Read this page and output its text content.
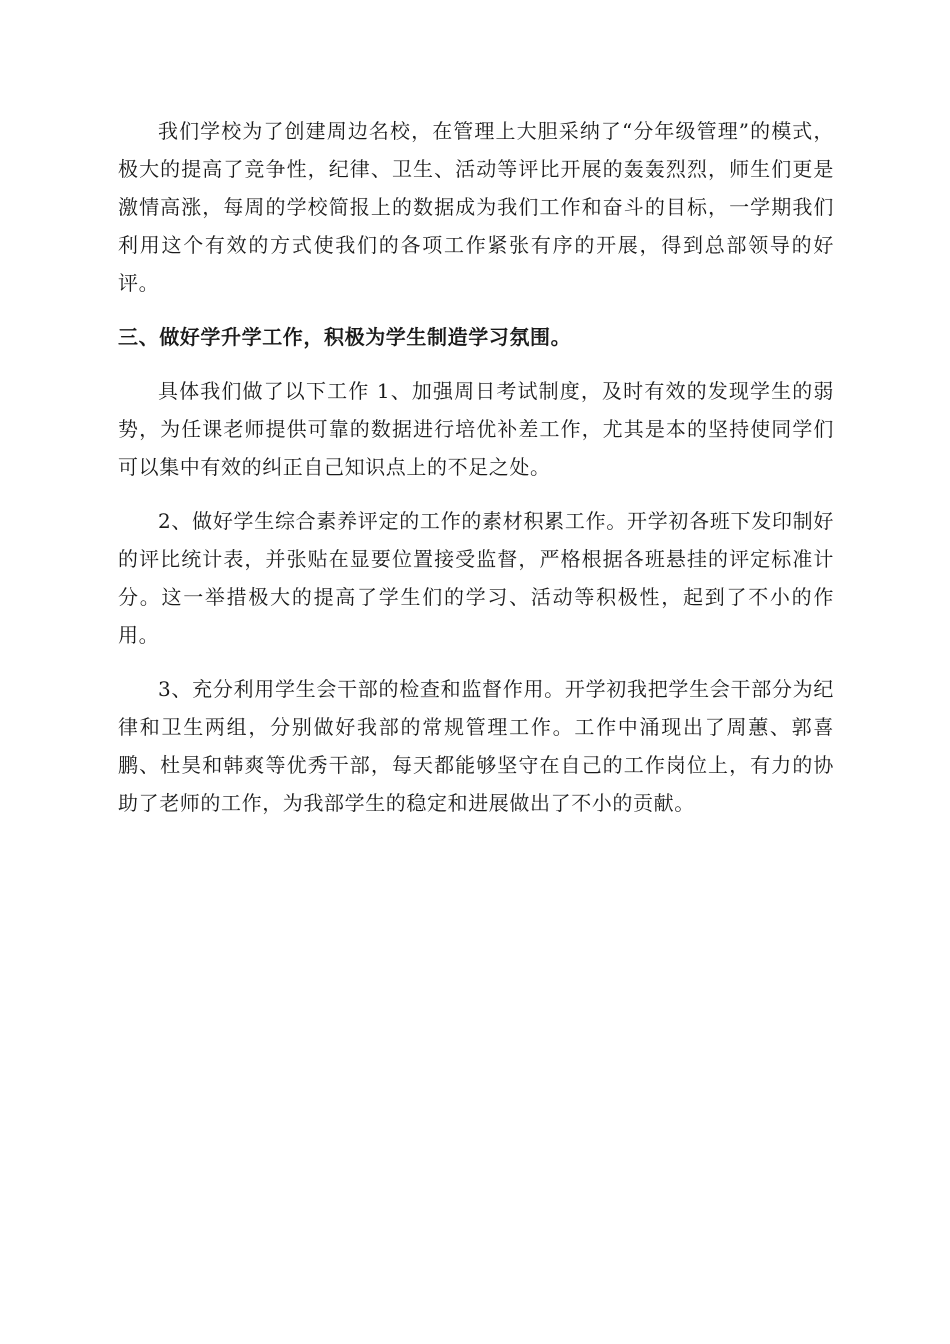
我们学校为了创建周边名校，在管理上大胆采纳了“分年级管理”的模式，极大的提高了竞争性，纪律、卫生、活动等评比开展的轰轰烈烈，师生们更是激情高涨，每周的学校简报上的数据成为我们工作和奋斗的目标，一学期我们利用这个有效的方式使我们的各项工作紧张有序的开展，得到总部领导的好评。

三、做好学升学工作，积极为学生制造学习氛围。

具体我们做了以下工作 1、加强周日考试制度，及时有效的发现学生的弱势，为任课老师提供可靠的数据进行培优补差工作，尤其是本的坚持使同学们可以集中有效的纠正自己知识点上的不足之处。

2、做好学生综合素养评定的工作的素材积累工作。开学初各班下发印制好的评比统计表，并张贴在显要位置接受监督，严格根据各班悬挂的评定标准计分。这一举措极大的提高了学生们的学习、活动等积极性，起到了不小的作用。

3、充分利用学生会干部的检查和监督作用。开学初我把学生会干部分为纪律和卫生两组，分别做好我部的常规管理工作。工作中涌现出了周蕙、郭喜鹏、杜昊和韩爽等优秀干部，每天都能够坚守在自己的工作岗位上，有力的协助了老师的工作，为我部学生的稳定和进展做出了不小的贡献。
